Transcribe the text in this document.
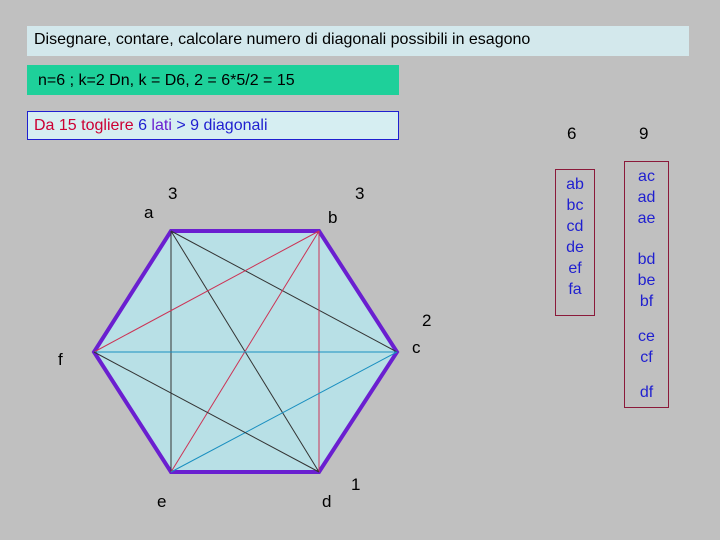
Disegnare, contare, calcolare numero di diagonali possibili in esagono
n=6 ; k=2 Dn, k = D6, 2 = 6*5/2 = 15
Da 15 togliere 6 lati > 9 diagonali	6	9
ab
bc
cd
de
ef
fa
ac
ad
ae
bd
be
bf
ce
cf
df
a	b
c
d
e
f
3	3
2
1
